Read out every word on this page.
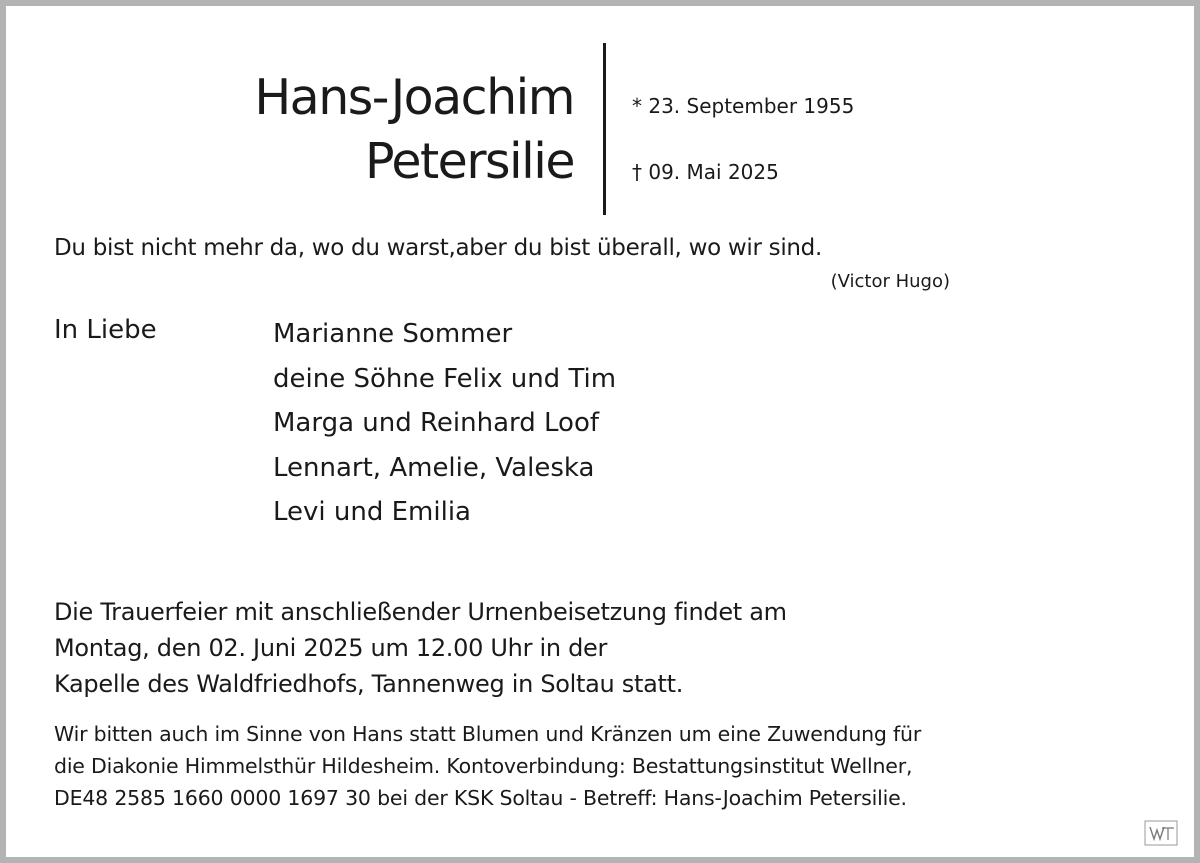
Hans-Joachim
Petersilie
* 23. September 1955
† 09. Mai 2025
Du bist nicht mehr da, wo du warst,aber du bist überall, wo wir sind.
(Victor Hugo)
In Liebe	Marianne Sommer
deine Söhne Felix und Tim
Marga und Reinhard Loof
Lennart, Amelie, Valeska
Levi und Emilia
Die Trauerfeier mit anschließender Urnenbeisetzung findet am
Montag, den 02. Juni 2025 um 12.00 Uhr in der
Kapelle des Waldfriedhofs, Tannenweg in Soltau statt.
Wir bitten auch im Sinne von Hans statt Blumen und Kränzen um eine Zuwendung für
die Diakonie Himmelsthür Hildesheim. Kontoverbindung: Bestattungsinstitut Wellner,
DE48 2585 1660 0000 1697 30 bei der KSK Soltau - Betreff: Hans-Joachim Petersilie.
